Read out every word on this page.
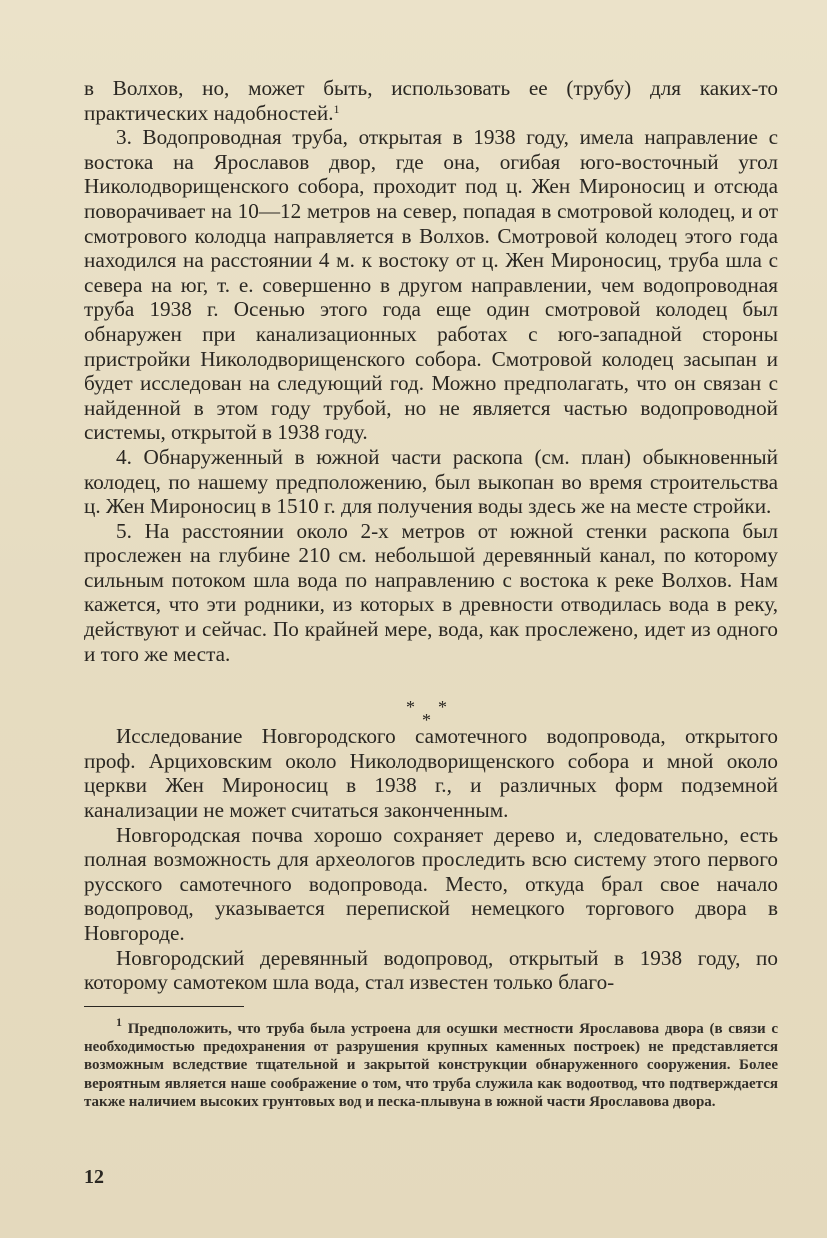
в Волхов, но, может быть, использовать ее (трубу) для каких-то практических надобностей.$^1$

3. Водопроводная труба, открытая в 1938 году, имела направление с востока на Ярославов двор, где она, огибая юго-восточный угол Николодворищенского собора, проходит под ц. Жен Мироносиц и отсюда поворачивает на 10—12 метров на север, попадая в смотровой колодец, и от смотрового колодца направляется в Волхов. Смотровой колодец этого года находился на расстоянии 4 м. к востоку от ц. Жен Мироносиц, труба шла с севера на юг, т. е. совершенно в другом направлении, чем водопроводная труба 1938 г. Осенью этого года еще один смотровой колодец был обнаружен при канализационных работах с юго-западной стороны пристройки Николодворищенского собора. Смотровой колодец засыпан и будет исследован на следующий год. Можно предполагать, что он связан с найденной в этом году трубой, но не является частью водопроводной системы, открытой в 1938 году.

4. Обнаруженный в южной части раскопа (см. план) обыкновенный колодец, по нашему предположению, был выкопан во время строительства ц. Жен Мироносиц в 1510 г. для получения воды здесь же на месте стройки.

5. На расстоянии около 2-х метров от южной стенки раскопа был прослежен на глубине 210 см. небольшой деревянный канал, по которому сильным потоком шла вода по направлению с востока к реке Волхов. Нам кажется, что эти родники, из которых в древности отводилась вода в реку, действуют и сейчас. По крайней мере, вода, как прослежено, идет из одного и того же места.

Исследование Новгородского самотечного водопровода, открытого проф. Арциховским около Николодворищенского собора и мной около церкви Жен Мироносиц в 1938 г., и различных форм подземной канализации не может считаться законченным.

Новгородская почва хорошо сохраняет дерево и, следовательно, есть полная возможность для археологов проследить всю систему этого первого русского самотечного водопровода. Место, откуда брал свое начало водопровод, указывается перепиской немецкого торгового двора в Новгороде.

Новгородский деревянный водопровод, открытый в 1938 году, по которому самотеком шла вода, стал известен только благо-

* *
*

$^1$ Предположить, что труба была устроена для осушки местности Ярославова двора (в связи с необходимостью предохранения от разрушения крупных каменных построек) не представляется возможным вследствие тщательной и закрытой конструкции обнаруженного сооружения. Более вероятным является наше соображение о том, что труба служила как водоотвод, что подтверждается также наличием высоких грунтовых вод и песка-плывуна в южной части Ярославова двора.

12
